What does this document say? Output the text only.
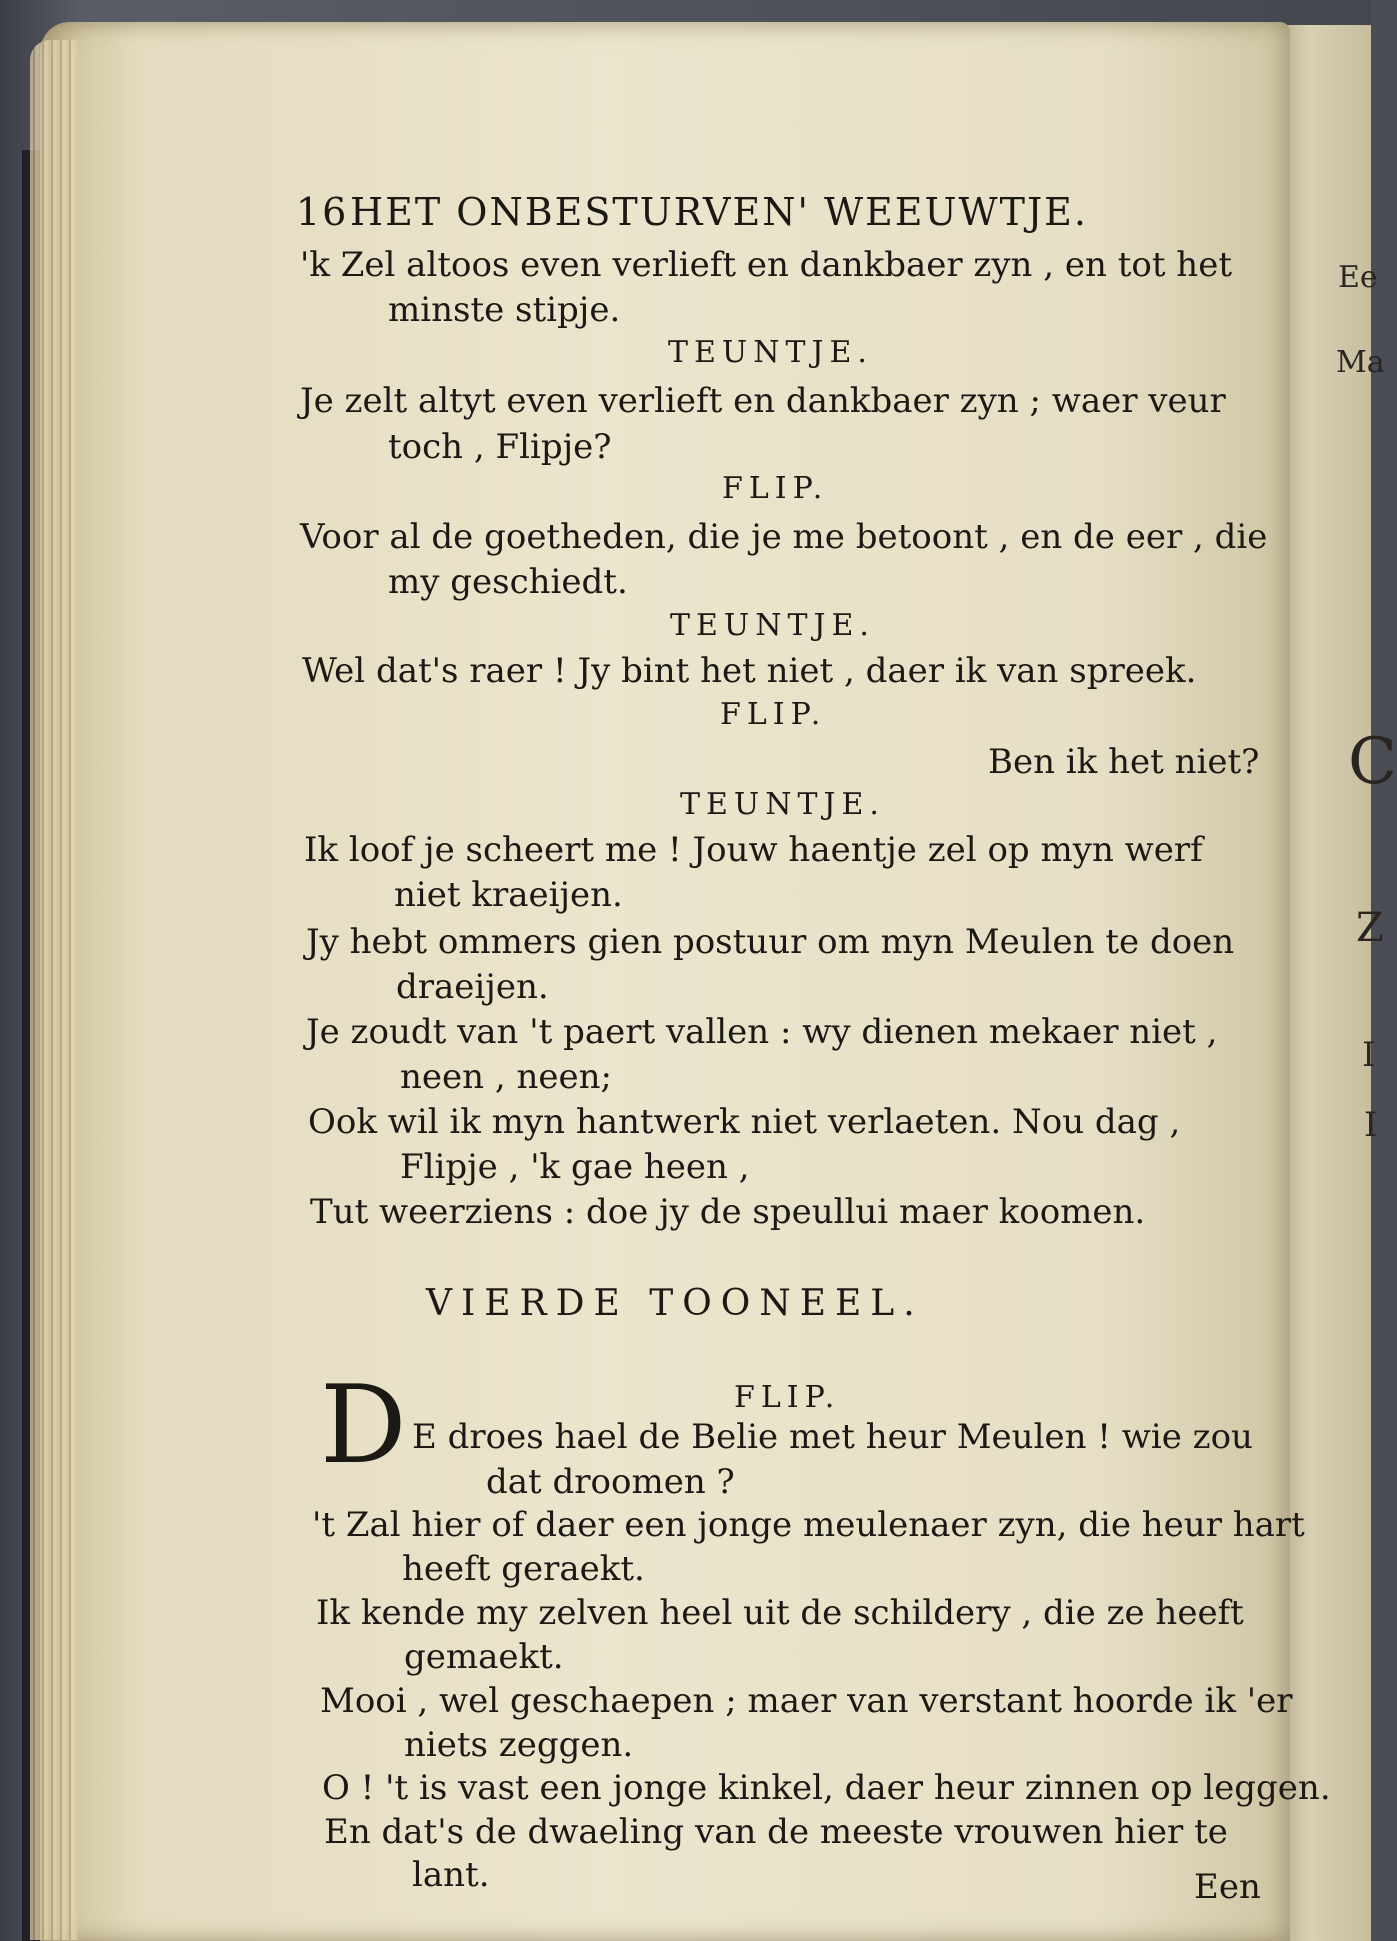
Ee
Ma
C
Z
I
I
16 HET ONBESTURVEN' WEEUWTJE.
'k Zel altoos even verlieft en dankbaer zyn , en tot het
minste stipje.
TEUNTJE.
Je zelt altyt even verlieft en dankbaer zyn ; waer veur
toch , Flipje?
FLIP.
Voor al de goetheden, die je me betoont , en de eer , die
my geschiedt.
TEUNTJE.
Wel dat's raer ! Jy bint het niet , daer ik van spreek.
FLIP.
Ben ik het niet?
TEUNTJE.
Ik loof je scheert me ! Jouw haentje zel op myn werf
niet kraeijen.
Jy hebt ommers gien postuur om myn Meulen te doen
draeijen.
Je zoudt van 't paert vallen : wy dienen mekaer niet ,
neen , neen;
Ook wil ik myn hantwerk niet verlaeten. Nou dag ,
Flipje , 'k gae heen ,
Tut weerziens : doe jy de speullui maer koomen.
VIERDE TOONEEL.
FLIP.
D E droes hael de Belie met heur Meulen ! wie zou
dat droomen ?
't Zal hier of daer een jonge meulenaer zyn, die heur hart
heeft geraekt.
Ik kende my zelven heel uit de schildery , die ze heeft
gemaekt.
Mooi , wel geschaepen ; maer van verstant hoorde ik 'er
niets zeggen.
O ! 't is vast een jonge kinkel, daer heur zinnen op leggen.
En dat's de dwaeling van de meeste vrouwen hier te
lant.	Een
